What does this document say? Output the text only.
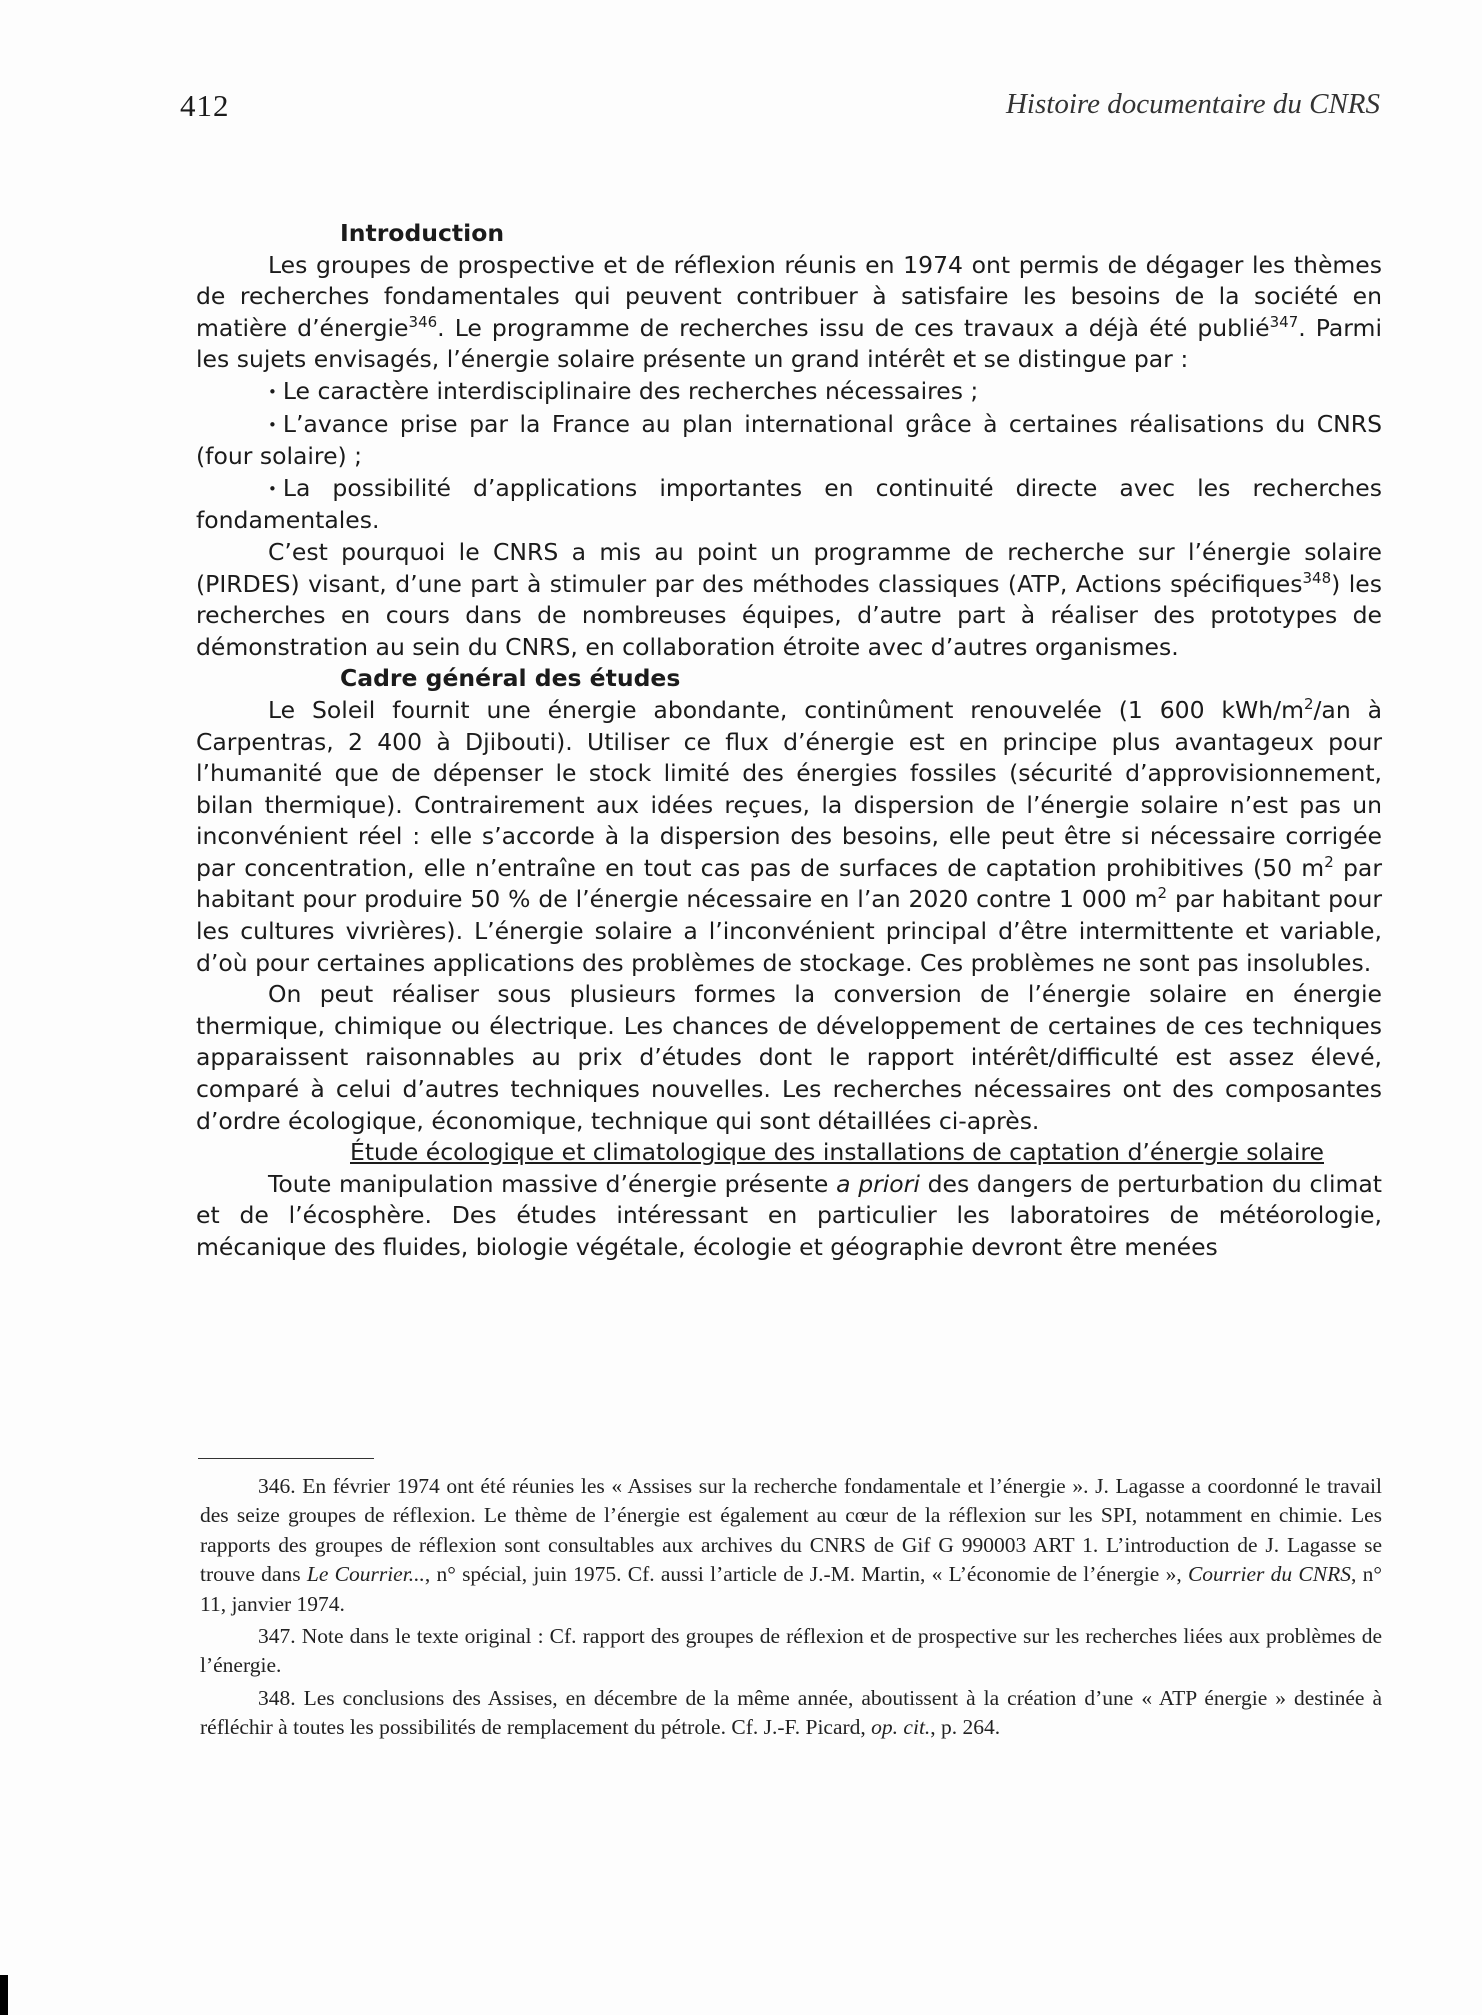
412	Histoire documentaire du CNRS

Introduction

Les groupes de prospective et de réflexion réunis en 1974 ont permis de dégager les thèmes de recherches fondamentales qui peuvent contribuer à satisfaire les besoins de la société en matière d’énergie$^{346}$. Le programme de recherches issu de ces travaux a déjà été publié$^{347}$. Parmi les sujets envisagés, l’énergie solaire présente un grand intérêt et se distingue par :

• Le caractère interdisciplinaire des recherches nécessaires ;

• L’avance prise par la France au plan international grâce à certaines réalisations du CNRS (four solaire) ;

• La possibilité d’applications importantes en continuité directe avec les recherches fondamentales.

C’est pourquoi le CNRS a mis au point un programme de recherche sur l’énergie solaire (PIRDES) visant, d’une part à stimuler par des méthodes classiques (ATP, Actions spécifiques$^{348}$) les recherches en cours dans de nombreuses équipes, d’autre part à réaliser des prototypes de démonstration au sein du CNRS, en collaboration étroite avec d’autres organismes.

Cadre général des études

Le Soleil fournit une énergie abondante, continûment renouvelée (1 600 kWh/$m^2/an$ à Carpentras, 2 400 à Djibouti). Utiliser ce flux d’énergie est en principe plus avantageux pour l’humanité que de dépenser le stock limité des énergies fossiles (sécurité d’approvisionnement, bilan thermique). Contrairement aux idées reçues, la dispersion de l’énergie solaire n’est pas un inconvénient réel : elle s’accorde à la dispersion des besoins, elle peut être si nécessaire corrigée par concentration, elle n’entraîne en tout cas pas de surfaces de captation prohibitives (50 $m^2$ par habitant pour produire 50 % de l’énergie nécessaire en l’an 2020 contre 1 000 $m^2$ par habitant pour les cultures vivrières). L’énergie solaire a l’inconvénient principal d’être intermittente et variable, d’où pour certaines applications des problèmes de stockage. Ces problèmes ne sont pas insolubles.

On peut réaliser sous plusieurs formes la conversion de l’énergie solaire en énergie thermique, chimique ou électrique. Les chances de développement de certaines de ces techniques apparaissent raisonnables au prix d’études dont le rapport intérêt/difficulté est assez élevé, comparé à celui d’autres techniques nouvelles. Les recherches nécessaires ont des composantes d’ordre écologique, économique, technique qui sont détaillées ci-après.

Étude écologique et climatologique des installations de captation d’énergie solaire

Toute manipulation massive d’énergie présente a priori des dangers de perturbation du climat et de l’écosphère. Des études intéressant en particulier les laboratoires de météorologie, mécanique des fluides, biologie végétale, écologie et géographie devront être menées

346. En février 1974 ont été réunies les « Assises sur la recherche fondamentale et l’énergie ». J. Lagasse a coordonné le travail des seize groupes de réflexion. Le thème de l’énergie est également au cœur de la réflexion sur les SPI, notamment en chimie. Les rapports des groupes de réflexion sont consultables aux archives du CNRS de Gif G 990003 ART 1. L’introduction de J. Lagasse se trouve dans Le Courrier..., n° spécial, juin 1975. Cf. aussi l’article de J.-M. Martin, « L’économie de l’énergie », Courrier du CNRS, n° 11, janvier 1974.

347. Note dans le texte original : Cf. rapport des groupes de réflexion et de prospective sur les recherches liées aux problèmes de l’énergie.

348. Les conclusions des Assises, en décembre de la même année, aboutissent à la création d’une « ATP énergie » destinée à réfléchir à toutes les possibilités de remplacement du pétrole. Cf. J.-F. Picard, op. cit., p. 264.
